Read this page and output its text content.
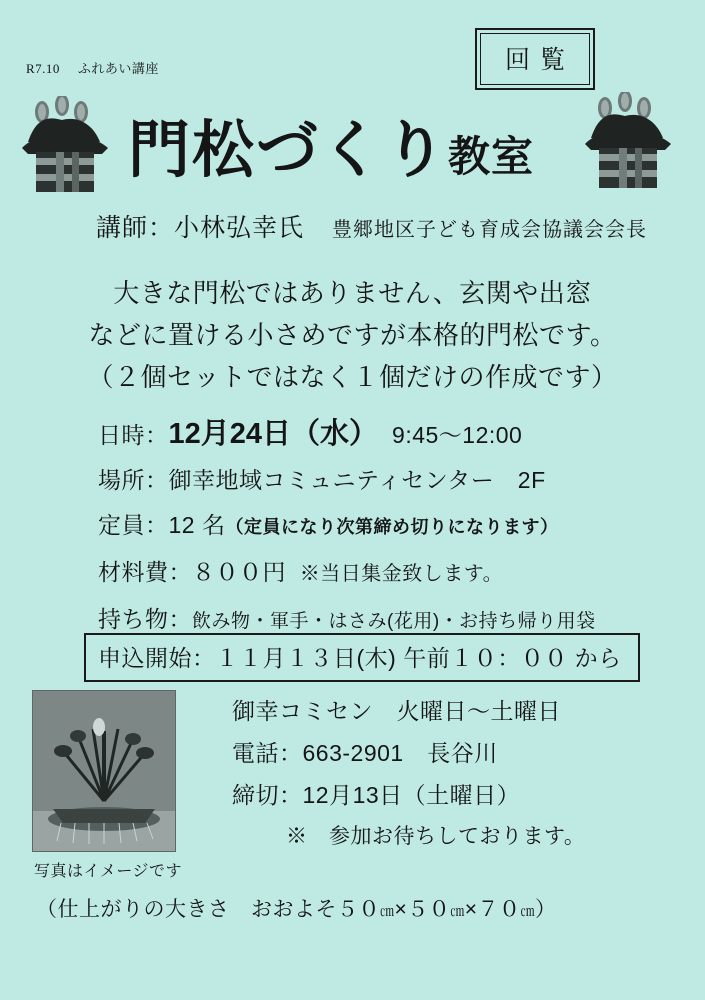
R7.10 ふれあい講座	回覧
門松づくり教室
講師：小林弘幸氏 豊郷地区子ども育成会協議会会長
大きな門松ではありません、玄関や出窓
などに置ける小さめですが本格的門松です。
（２個セットではなく１個だけの作成です）
日時：12月24日（水） 9:45〜12:00
場所：御幸地域コミュニティセンター　2F
定員：12 名（定員になり次第締め切りになります）
材料費：８００円 ※当日集金致します。
持ち物：飲み物・軍手・はさみ(花用)・お持ち帰り用袋
申込開始：１１月１３日(木) 午前１０：００ から
写真はイメージです
御幸コミセン　火曜日〜土曜日
電話：663-2901　長谷川
締切：12月13日（土曜日）
※　参加お待ちしております。
（仕上がりの大きさ　おおよそ５０㎝×５０㎝×７０㎝）
